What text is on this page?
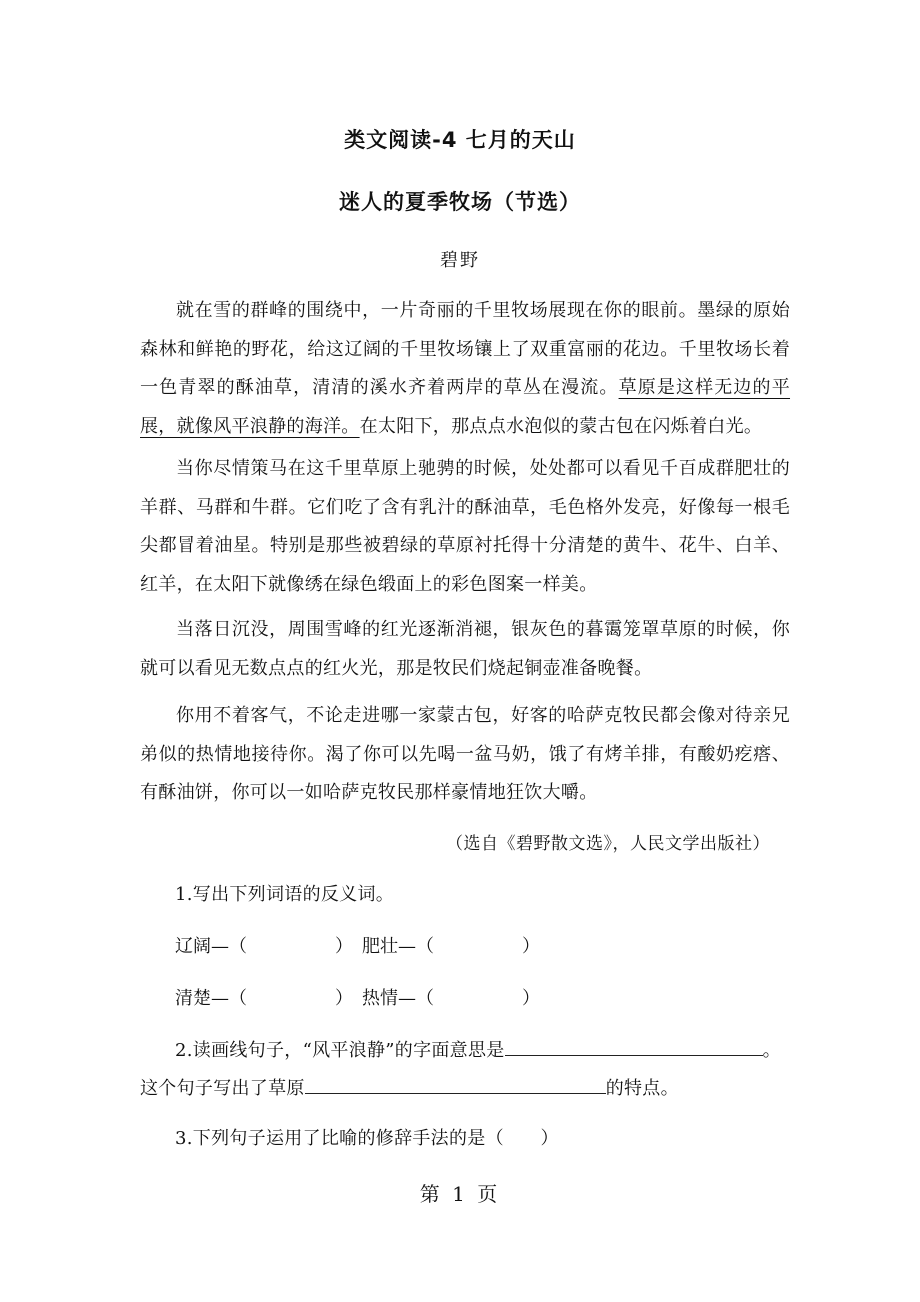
类文阅读-4 七月的天山
迷人的夏季牧场（节选）
碧野
就在雪的群峰的围绕中，一片奇丽的千里牧场展现在你的眼前。墨绿的原始森林和鲜艳的野花，给这辽阔的千里牧场镶上了双重富丽的花边。千里牧场长着一色青翠的酥油草，清清的溪水齐着两岸的草丛在漫流。草原是这样无边的平展，就像风平浪静的海洋。在太阳下，那点点水泡似的蒙古包在闪烁着白光。
当你尽情策马在这千里草原上驰骋的时候，处处都可以看见千百成群肥壮的羊群、马群和牛群。它们吃了含有乳汁的酥油草，毛色格外发亮，好像每一根毛尖都冒着油星。特别是那些被碧绿的草原衬托得十分清楚的黄牛、花牛、白羊、红羊，在太阳下就像绣在绿色缎面上的彩色图案一样美。
当落日沉没，周围雪峰的红光逐渐消褪，银灰色的暮霭笼罩草原的时候，你就可以看见无数点点的红火光，那是牧民们烧起铜壶准备晚餐。
你用不着客气，不论走进哪一家蒙古包，好客的哈萨克牧民都会像对待亲兄弟似的热情地接待你。渴了你可以先喝一盆马奶，饿了有烤羊排，有酸奶疙瘩、有酥油饼，你可以一如哈萨克牧民那样豪情地狂饮大嚼。
（选自《碧野散文选》，人民文学出版社）
1.写出下列词语的反义词。
辽阔—（	） 肥壮—（	）
清楚—（	） 热情—（	）
2.读画线句子，“风平浪静”的字面意思是	。
这个句子写出了草原	的特点。
3.下列句子运用了比喻的修辞手法的是（　　）
第 1 页
